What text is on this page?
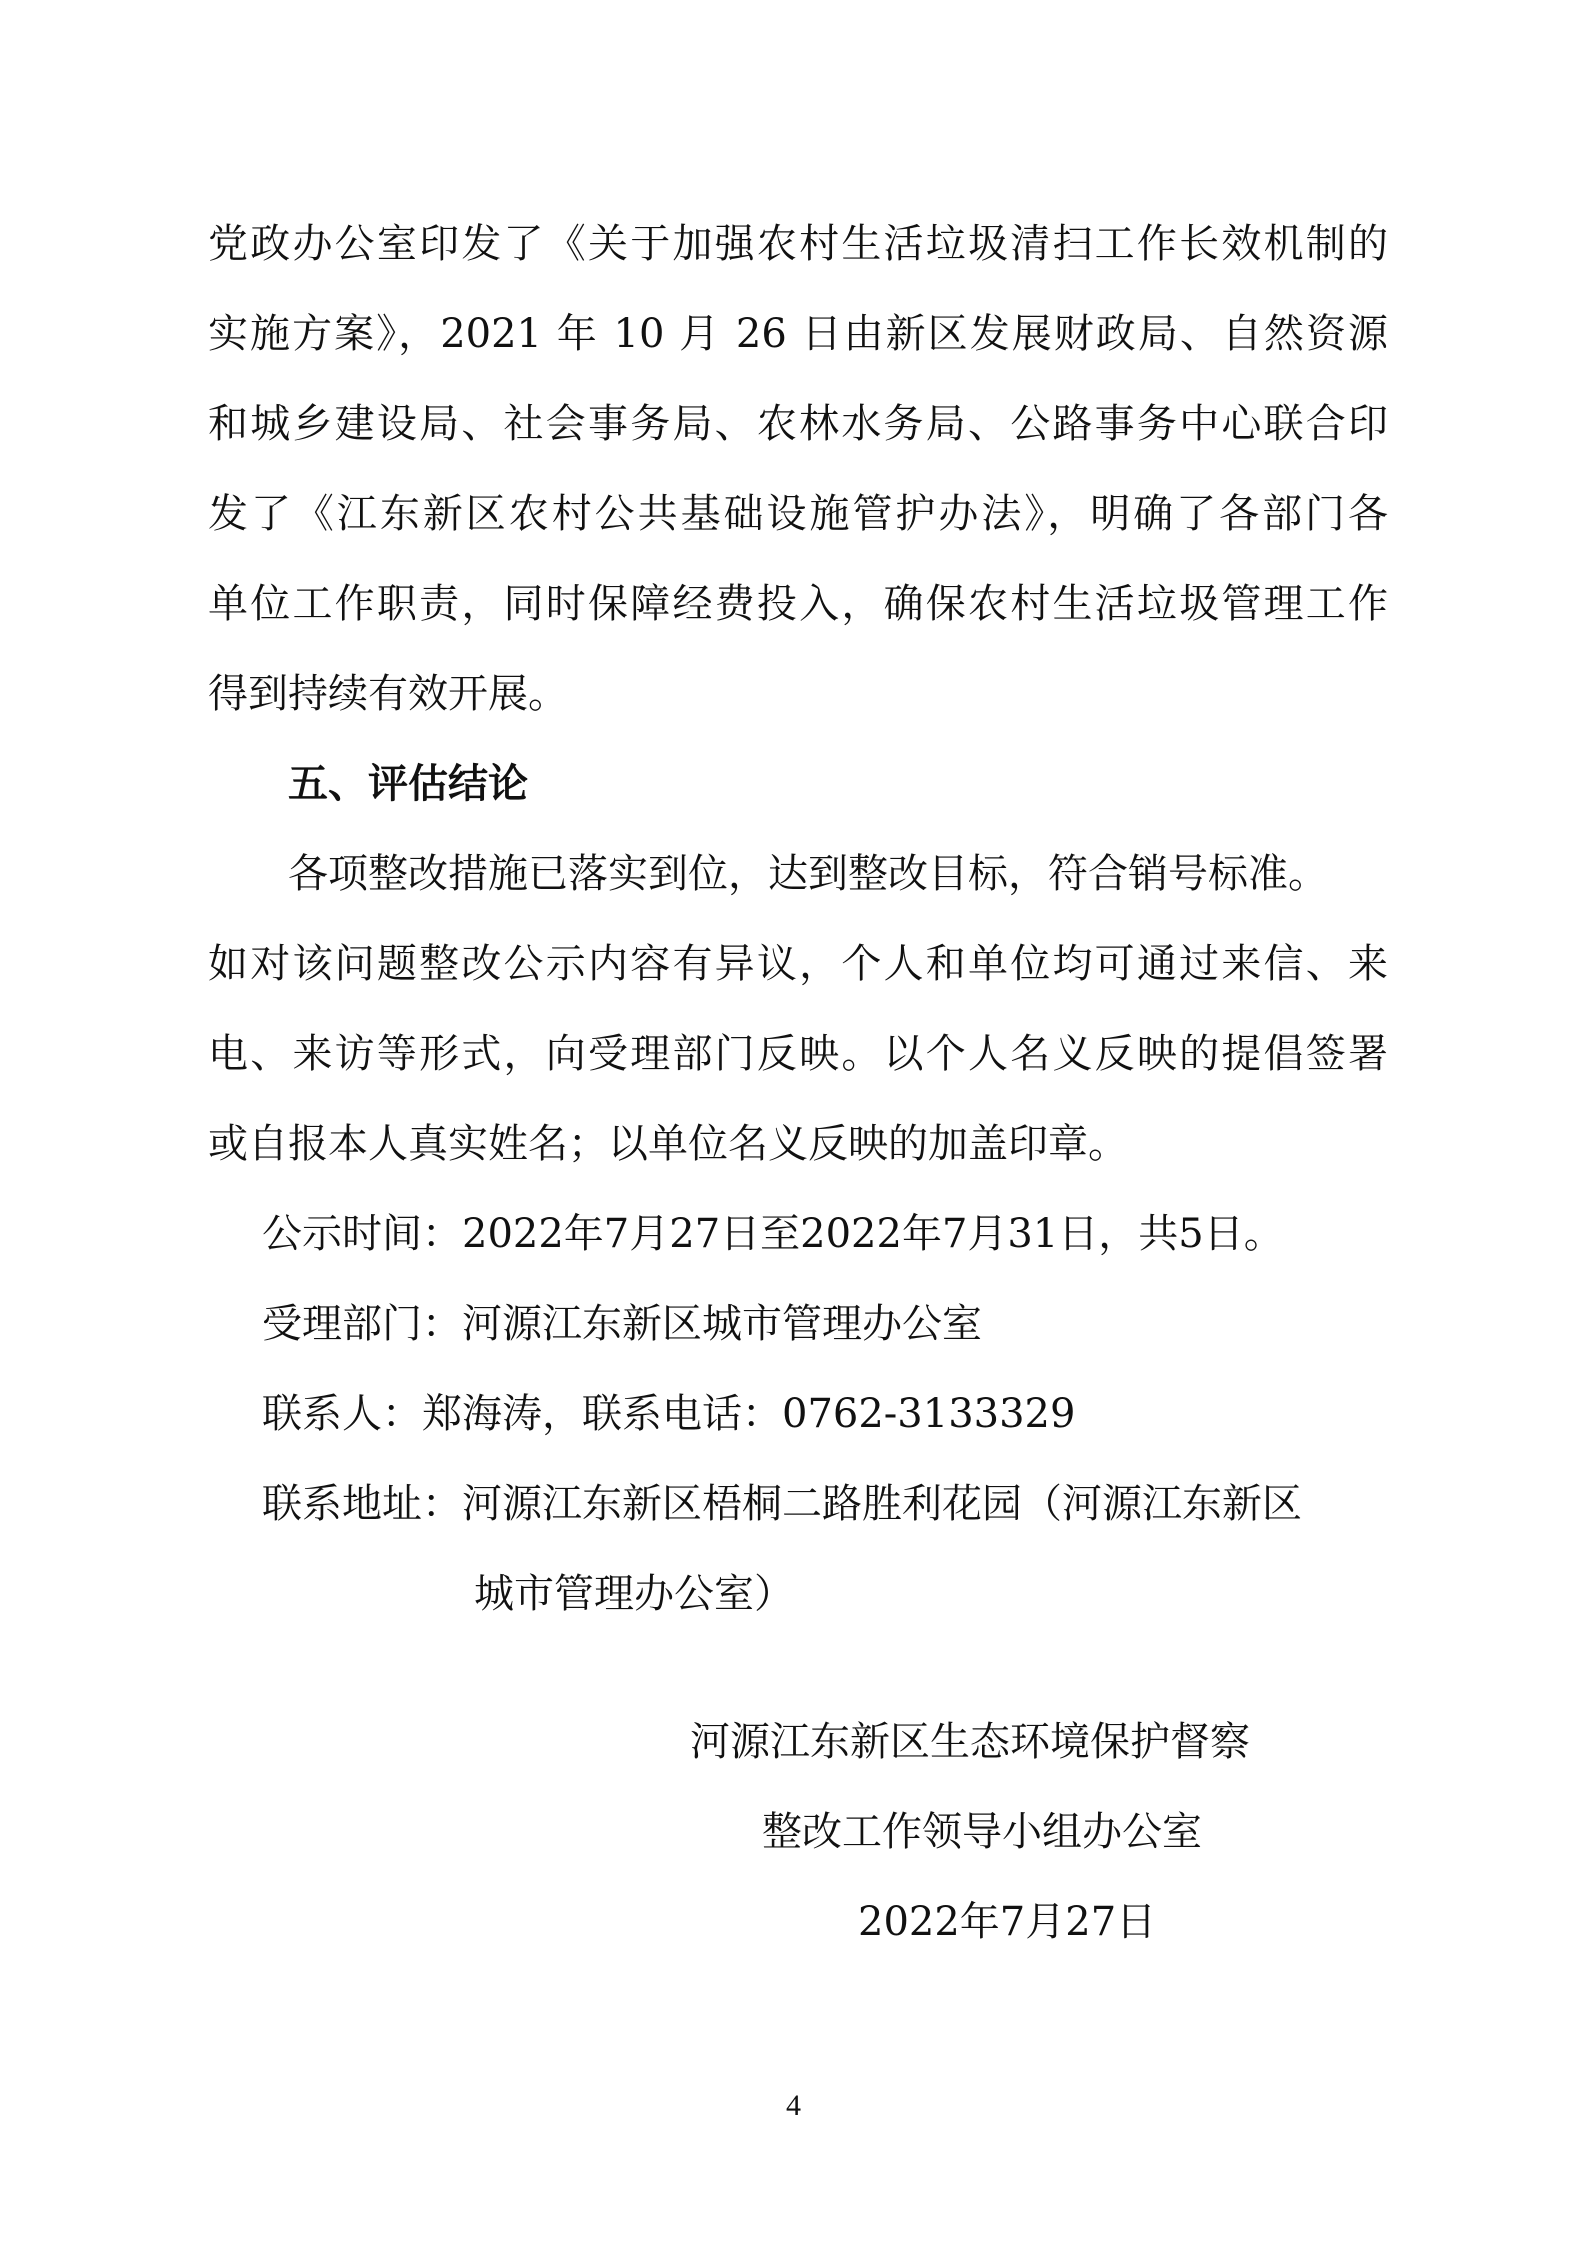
党政办公室印发了《关于加强农村生活垃圾清扫工作长效机制的
实施方案》，2021 年 10 月 26 日由新区发展财政局、自然资源
和城乡建设局、社会事务局、农林水务局、公路事务中心联合印
发了《江东新区农村公共基础设施管护办法》，明确了各部门各
单位工作职责，同时保障经费投入，确保农村生活垃圾管理工作
得到持续有效开展。
五、评估结论
各项整改措施已落实到位，达到整改目标，符合销号标准。
如对该问题整改公示内容有异议，个人和单位均可通过来信、来
电、来访等形式，向受理部门反映。以个人名义反映的提倡签署
或自报本人真实姓名；以单位名义反映的加盖印章。
公示时间：2022年7月27日至2022年7月31日，共5日。
受理部门：河源江东新区城市管理办公室
联系人：郑海涛，联系电话：0762-3133329
联系地址：河源江东新区梧桐二路胜利花园（河源江东新区
城市管理办公室）
河源江东新区生态环境保护督察
整改工作领导小组办公室
2022年7月27日
4
